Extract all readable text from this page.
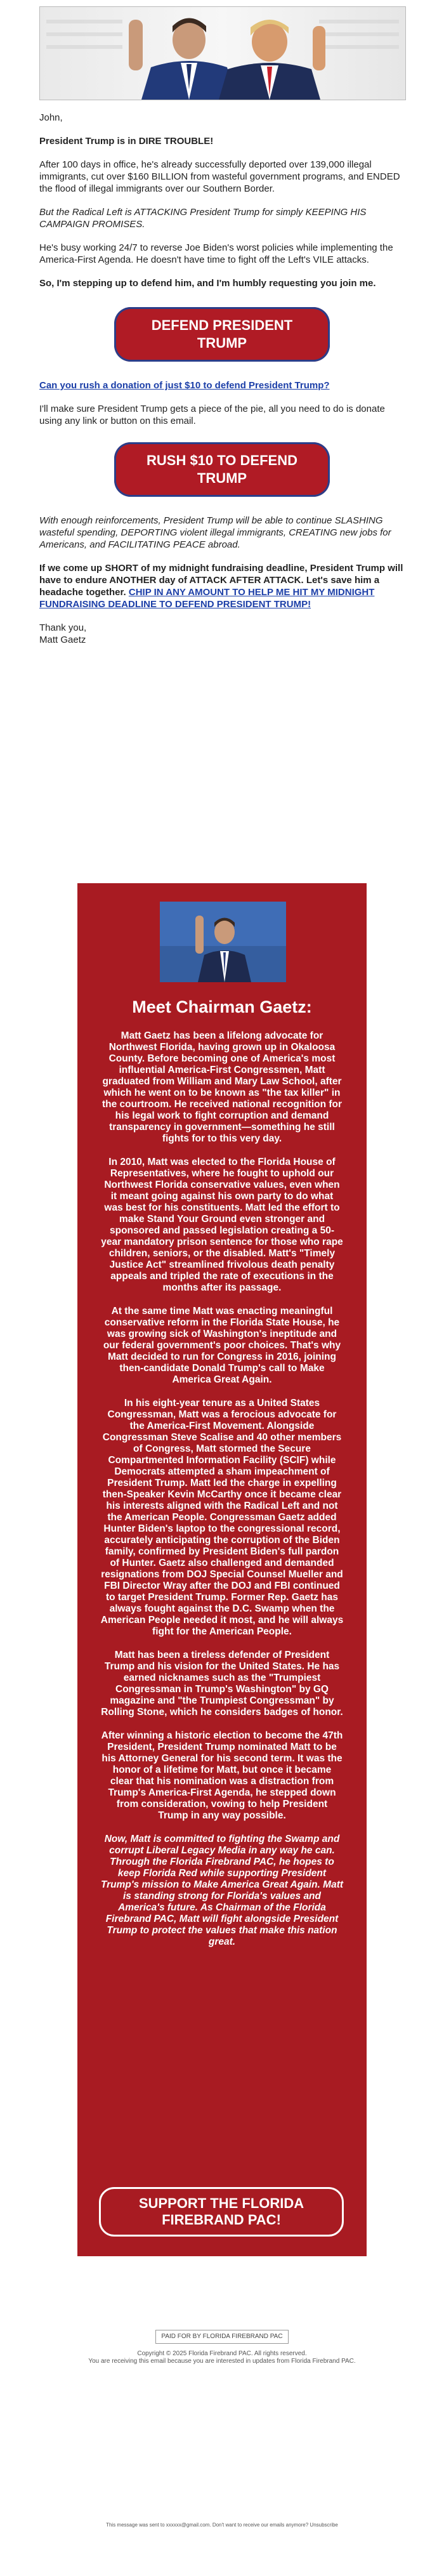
John,

President Trump is in DIRE TROUBLE!

After 100 days in office, he's already successfully deported over 139,000 illegal immigrants, cut over $160 BILLION from wasteful government programs, and ENDED the flood of illegal immigrants over our Southern Border.

But the Radical Left is ATTACKING President Trump for simply KEEPING HIS CAMPAIGN PROMISES.

He's busy working 24/7 to reverse Joe Biden's worst policies while implementing the America-First Agenda. He doesn't have time to fight off the Left's VILE attacks.

So, I'm stepping up to defend him, and I'm humbly requesting you join me.

DEFEND PRESIDENT TRUMP

Can you rush a donation of just $10 to defend President Trump?

I'll make sure President Trump gets a piece of the pie, all you need to do is donate using any link or button on this email.

RUSH $10 TO DEFEND TRUMP

With enough reinforcements, President Trump will be able to continue SLASHING wasteful spending, DEPORTING violent illegal immigrants, CREATING new jobs for Americans, and FACILITATING PEACE abroad.

If we come up SHORT of my midnight fundraising deadline, President Trump will have to endure ANOTHER day of ATTACK AFTER ATTACK. Let's save him a headache together. CHIP IN ANY AMOUNT TO HELP ME HIT MY MIDNIGHT FUNDRAISING DEADLINE TO DEFEND PRESIDENT TRUMP!

Thank you,

Matt Gaetz

Meet Chairman Gaetz:

Matt Gaetz has been a lifelong advocate for Northwest Florida, having grown up in Okaloosa County. Before becoming one of America's most influential America-First Congressmen, Matt graduated from William and Mary Law School, after which he went on to be known as "the tax killer" in the courtroom. He received national recognition for his legal work to fight corruption and demand transparency in government—something he still fights for to this very day.

In 2010, Matt was elected to the Florida House of Representatives, where he fought to uphold our Northwest Florida conservative values, even when it meant going against his own party to do what was best for his constituents. Matt led the effort to make Stand Your Ground even stronger and sponsored and passed legislation creating a 50-year mandatory prison sentence for those who rape children, seniors, or the disabled. Matt's "Timely Justice Act" streamlined frivolous death penalty appeals and tripled the rate of executions in the months after its passage.

At the same time Matt was enacting meaningful conservative reform in the Florida State House, he was growing sick of Washington's ineptitude and our federal government's poor choices. That's why Matt decided to run for Congress in 2016, joining then-candidate Donald Trump's call to Make America Great Again.

In his eight-year tenure as a United States Congressman, Matt was a ferocious advocate for the America-First Movement. Alongside Congressman Steve Scalise and 40 other members of Congress, Matt stormed the Secure Compartmented Information Facility (SCIF) while Democrats attempted a sham impeachment of President Trump. Matt led the charge in expelling then-Speaker Kevin McCarthy once it became clear his interests aligned with the Radical Left and not the American People. Congressman Gaetz added Hunter Biden's laptop to the congressional record, accurately anticipating the corruption of the Biden family, confirmed by President Biden's full pardon of Hunter. Gaetz also challenged and demanded resignations from DOJ Special Counsel Mueller and FBI Director Wray after the DOJ and FBI continued to target President Trump. Former Rep. Gaetz has always fought against the D.C. Swamp when the American People needed it most, and he will always fight for the American People.

Matt has been a tireless defender of President Trump and his vision for the United States. He has earned nicknames such as the "Trumpiest Congressman in Trump's Washington" by GQ magazine and "the Trumpiest Congressman" by Rolling Stone, which he considers badges of honor.

After winning a historic election to become the 47th President, President Trump nominated Matt to be his Attorney General for his second term. It was the honor of a lifetime for Matt, but once it became clear that his nomination was a distraction from Trump's America-First Agenda, he stepped down from consideration, vowing to help President Trump in any way possible.

Now, Matt is committed to fighting the Swamp and corrupt Liberal Legacy Media in any way he can. Through the Florida Firebrand PAC, he hopes to keep Florida Red while supporting President Trump's mission to Make America Great Again. Matt is standing strong for Florida's values and America's future. As Chairman of the Florida Firebrand PAC, Matt will fight alongside President Trump to protect the values that make this nation great.

SUPPORT THE FLORIDA FIREBRAND PAC!
PAID FOR BY FLORIDA FIREBRAND PAC
Copyright © 2025 Florida Firebrand PAC. All rights reserved.
You are receiving this email because you are interested in updates from Florida Firebrand PAC.
This message was sent to xxxxxx@gmail.com. Don't want to receive our emails anymore? Unsubscribe
